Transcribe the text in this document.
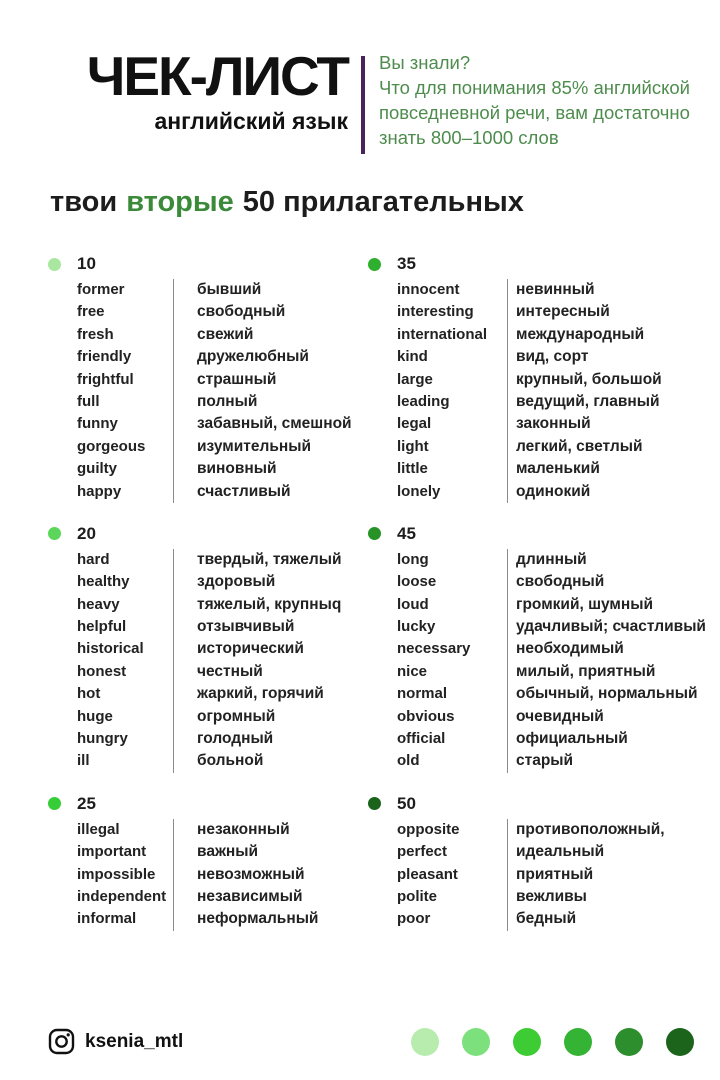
ЧЕК-ЛИСТ
английский язык
Вы знали?
Что для понимания 85% английской
повседневной речи, вам достаточно
знать 800–1000 слов
твои вторые 50 прилагательных
10
former	бывший
free	свободный
fresh	свежий
friendly	дружелюбный
frightful	страшный
full	полный
funny	забавный, смешной
gorgeous	изумительный
guilty	виновный
happy	счастливый
20
hard	твердый, тяжелый
healthy	здоровый
heavy	тяжелый, крупныq
helpful	отзывчивый
historical	исторический
honest	честный
hot	жаркий, горячий
huge	огромный
hungry	голодный
ill	больной
25
illegal	незаконный
important	важный
impossible	невозможный
independent	независимый
informal	неформальный
35
innocent	невинный
interesting	интересный
international	международный
kind	вид, сорт
large	крупный, большой
leading	ведущий, главный
legal	законный
light	легкий, светлый
little	маленький
lonely	одинокий
45
long	длинный
loose	свободный
loud	громкий, шумный
lucky	удачливый; счастливый
necessary	необходимый
nice	милый, приятный
normal	обычный, нормальный
obvious	очевидный
official	официальный
old	старый
50
opposite	противоположный,
perfect	идеальный
pleasant	приятный
polite	вежливы
poor	бедный
ksenia_mtl
